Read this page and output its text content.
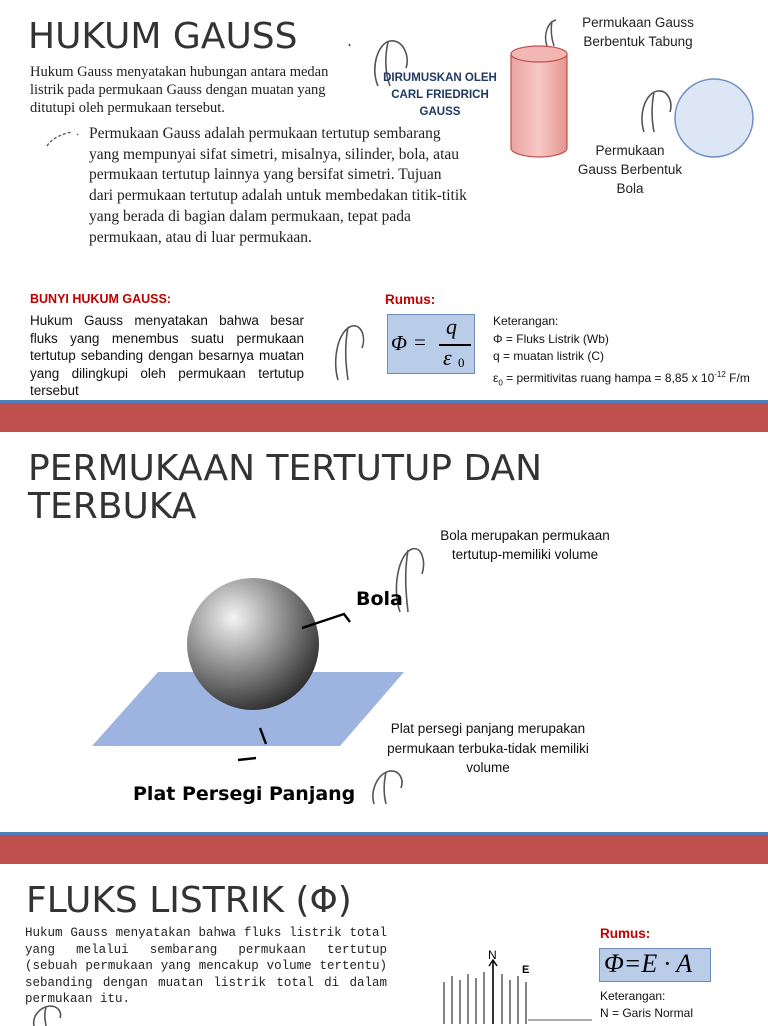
HUKUM GAUSS
Hukum Gauss menyatakan hubungan antara medan listrik pada permukaan Gauss dengan muatan yang ditutupi oleh permukaan tersebut.
DIRUMUSKAN OLEH CARL FRIEDRICH GAUSS
Permukaan Gauss adalah permukaan tertutup sembarang yang mempunyai sifat simetri, misalnya, silinder, bola, atau permukaan tertutup lainnya yang bersifat simetri. Tujuan dari permukaan tertutup adalah untuk membedakan titik-titik yang berada di bagian dalam permukaan, tepat pada permukaan, atau di luar permukaan.
Permukaan Gauss Berbentuk Tabung
Permukaan Gauss Berbentuk Bola
BUNYI HUKUM GAUSS:
Hukum Gauss menyatakan bahwa besar fluks yang menembus suatu permukaan tertutup sebanding dengan besarnya muatan yang dilingkupi oleh permukaan tertutup tersebut
Rumus:
Φ =
q
ε 0
Keterangan:
Φ = Fluks Listrik (Wb)
q = muatan listrik (C)
$\varepsilon_0$ = permitivitas ruang hampa = 8,85 x $10^{-12}$ F/m
PERMUKAAN TERTUTUP DAN TERBUKA
Bola merupakan permukaan tertutup-memiliki volume
Bola
Plat persegi panjang merupakan permukaan terbuka-tidak memiliki volume
Plat Persegi Panjang
FLUKS LISTRIK (Φ)
Hukum Gauss menyatakan bahwa fluks listrik total yang melalui sembarang permukaan tertutup (sebuah permukaan yang mencakup volume tertentu) sebanding dengan muatan listrik total di dalam permukaan itu.
N
E
Rumus:
Φ=E · A
Keterangan:
N = Garis Normal
